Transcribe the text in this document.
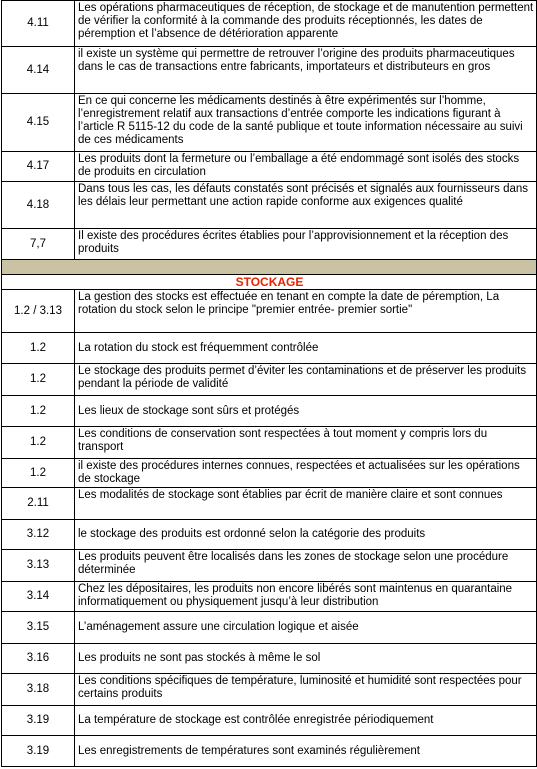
4.11	Les opérations pharmaceutiques de réception, de stockage et de manutention permettent de vérifier la conformité à la commande des produits réceptionnés, les dates de péremption et l’absence de détérioration apparente
4.14	il existe un système qui permettre de retrouver l’origine des produits pharmaceutiques dans le cas de transactions entre fabricants, importateurs et distributeurs en gros
4.15	En ce qui concerne les médicaments destinés à être expérimentés sur l’homme, l’enregistrement relatif aux transactions d’entrée comporte les indications figurant à l’article R 5115-12 du code de la santé publique et toute information nécessaire au suivi de ces médicaments
4.17	Les produits dont la fermeture ou l’emballage a été endommagé sont isolés des stocks de produits en circulation
4.18	Dans tous les cas, les défauts constatés sont précisés et signalés aux fournisseurs dans les délais leur permettant une action rapide conforme aux exigences qualité
7,7	Il existe des procédures écrites établies pour l’approvisionnement et la réception des produits

STOCKAGE	
1.2 / 3.13	La gestion des stocks est effectuée en tenant en compte la date de péremption, La rotation du stock selon le principe "premier entrée- premier sortie"
1.2	La rotation du stock est fréquemment contrôlée
1.2	Le stockage des produits permet d’éviter les contaminations et de préserver les produits pendant la période de validité
1.2	Les lieux de stockage sont sûrs et protégés
1.2	Les conditions de conservation sont respectées à tout moment y compris lors du transport
1.2	il existe des procédures internes connues, respectées et actualisées sur les opérations de stockage
2.11	Les modalités de stockage sont établies par écrit de manière claire et sont connues
3.12	le stockage des produits est ordonné selon la catégorie des produits
3.13	Les produits peuvent être localisés dans les zones de stockage selon une procédure déterminée
3.14	Chez les dépositaires, les produits non encore libérés sont maintenus en quarantaine informatiquement ou physiquement jusqu’à leur distribution
3.15	L’aménagement assure une circulation logique et aisée
3.16	Les produits ne sont pas stockés à même le sol
3.18	Les conditions spécifiques de température, luminosité et humidité sont respectées pour certains produits
3.19	La température de stockage est contrôlée enregistrée périodiquement
3.19	Les enregistrements de températures sont examinés régulièrement
